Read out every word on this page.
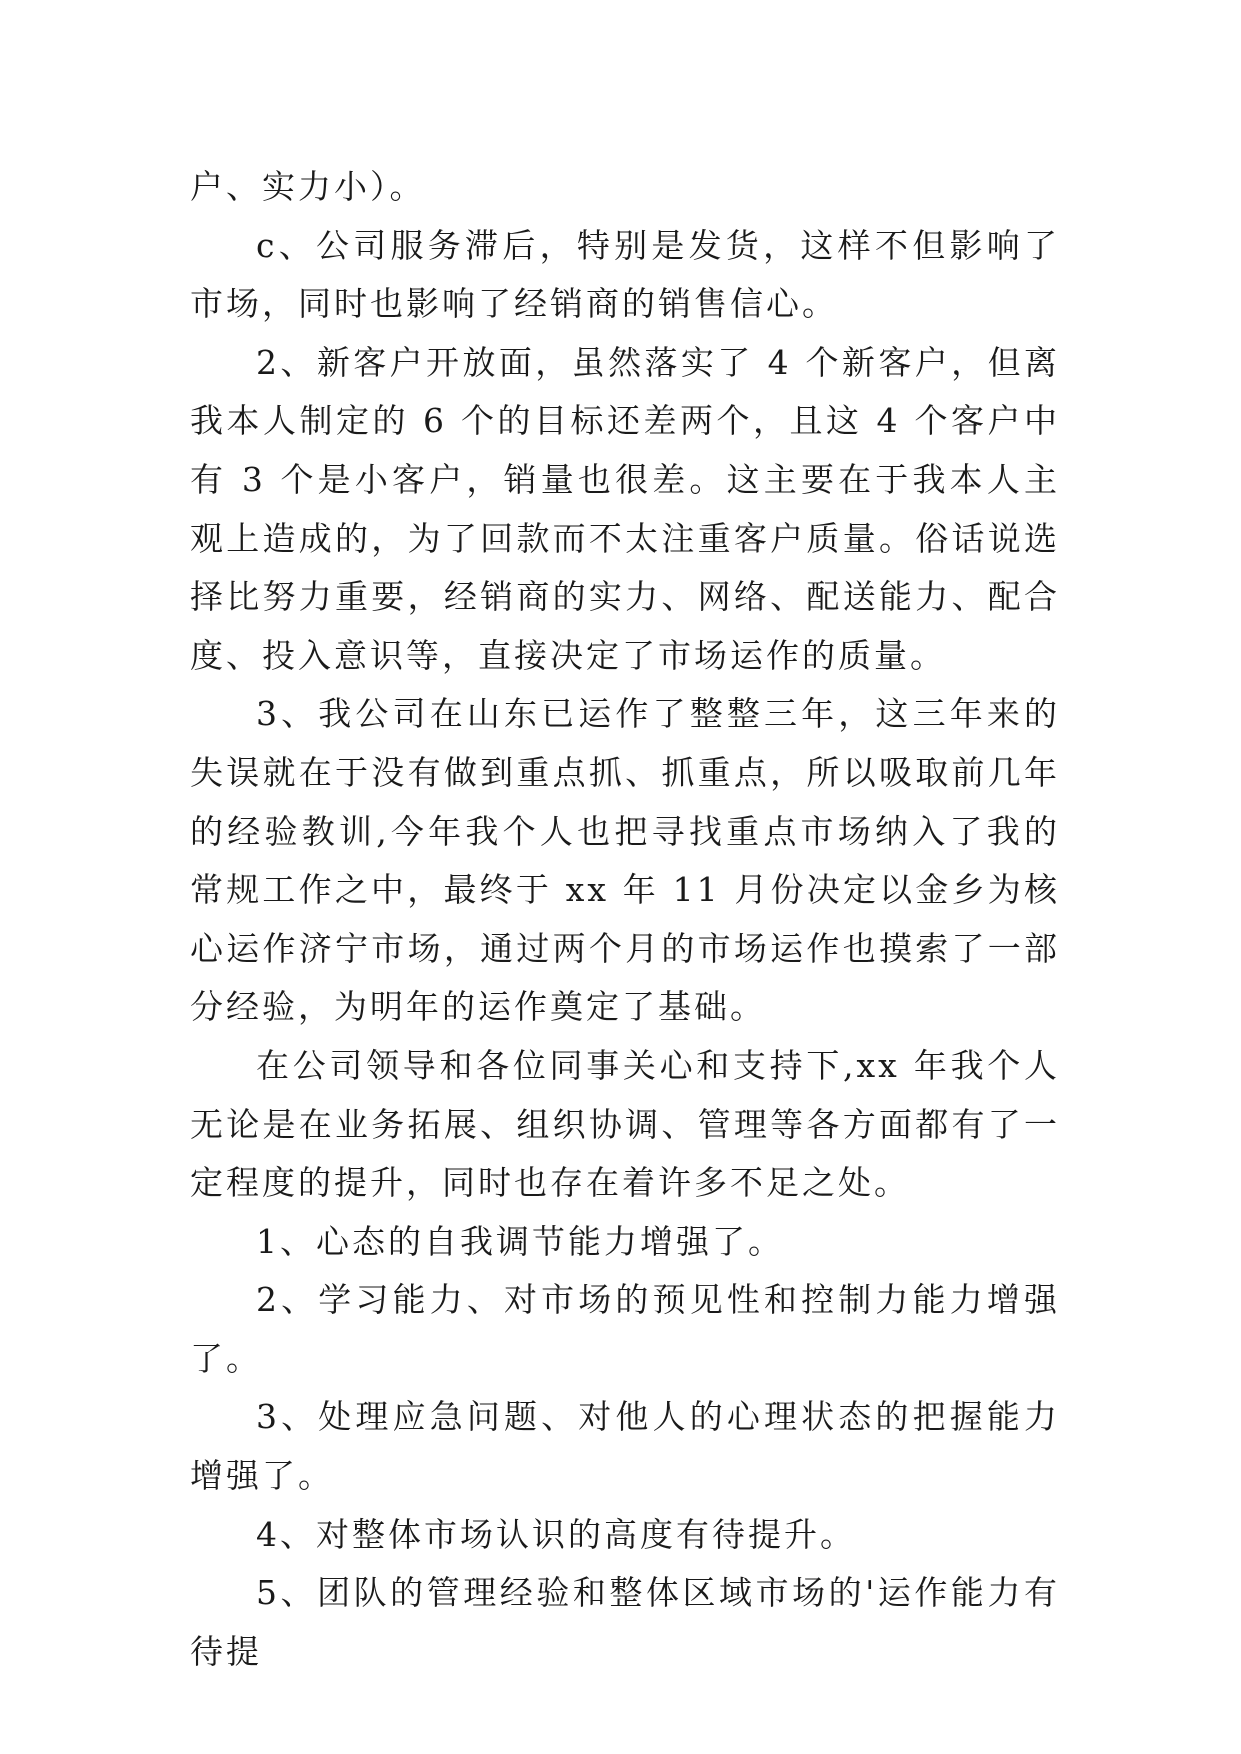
户、实力小）。

c、公司服务滞后，特别是发货，这样不但影响了市场，同时也影响了经销商的销售信心。

2、新客户开放面，虽然落实了 4 个新客户，但离我本人制定的 6 个的目标还差两个，且这 4 个客户中有 3 个是小客户，销量也很差。这主要在于我本人主观上造成的，为了回款而不太注重客户质量。俗话说选择比努力重要，经销商的实力、网络、配送能力、配合度、投入意识等，直接决定了市场运作的质量。

3、我公司在山东已运作了整整三年，这三年来的失误就在于没有做到重点抓、抓重点，所以吸取前几年的经验教训,今年我个人也把寻找重点市场纳入了我的常规工作之中，最终于 xx 年 11 月份决定以金乡为核心运作济宁市场，通过两个月的市场运作也摸索了一部分经验，为明年的运作奠定了基础。

在公司领导和各位同事关心和支持下,xx 年我个人无论是在业务拓展、组织协调、管理等各方面都有了一定程度的提升，同时也存在着许多不足之处。

1、心态的自我调节能力增强了。

2、学习能力、对市场的预见性和控制力能力增强了。

3、处理应急问题、对他人的心理状态的把握能力增强了。

4、对整体市场认识的高度有待提升。

5、团队的管理经验和整体区域市场的'运作能力有待提
